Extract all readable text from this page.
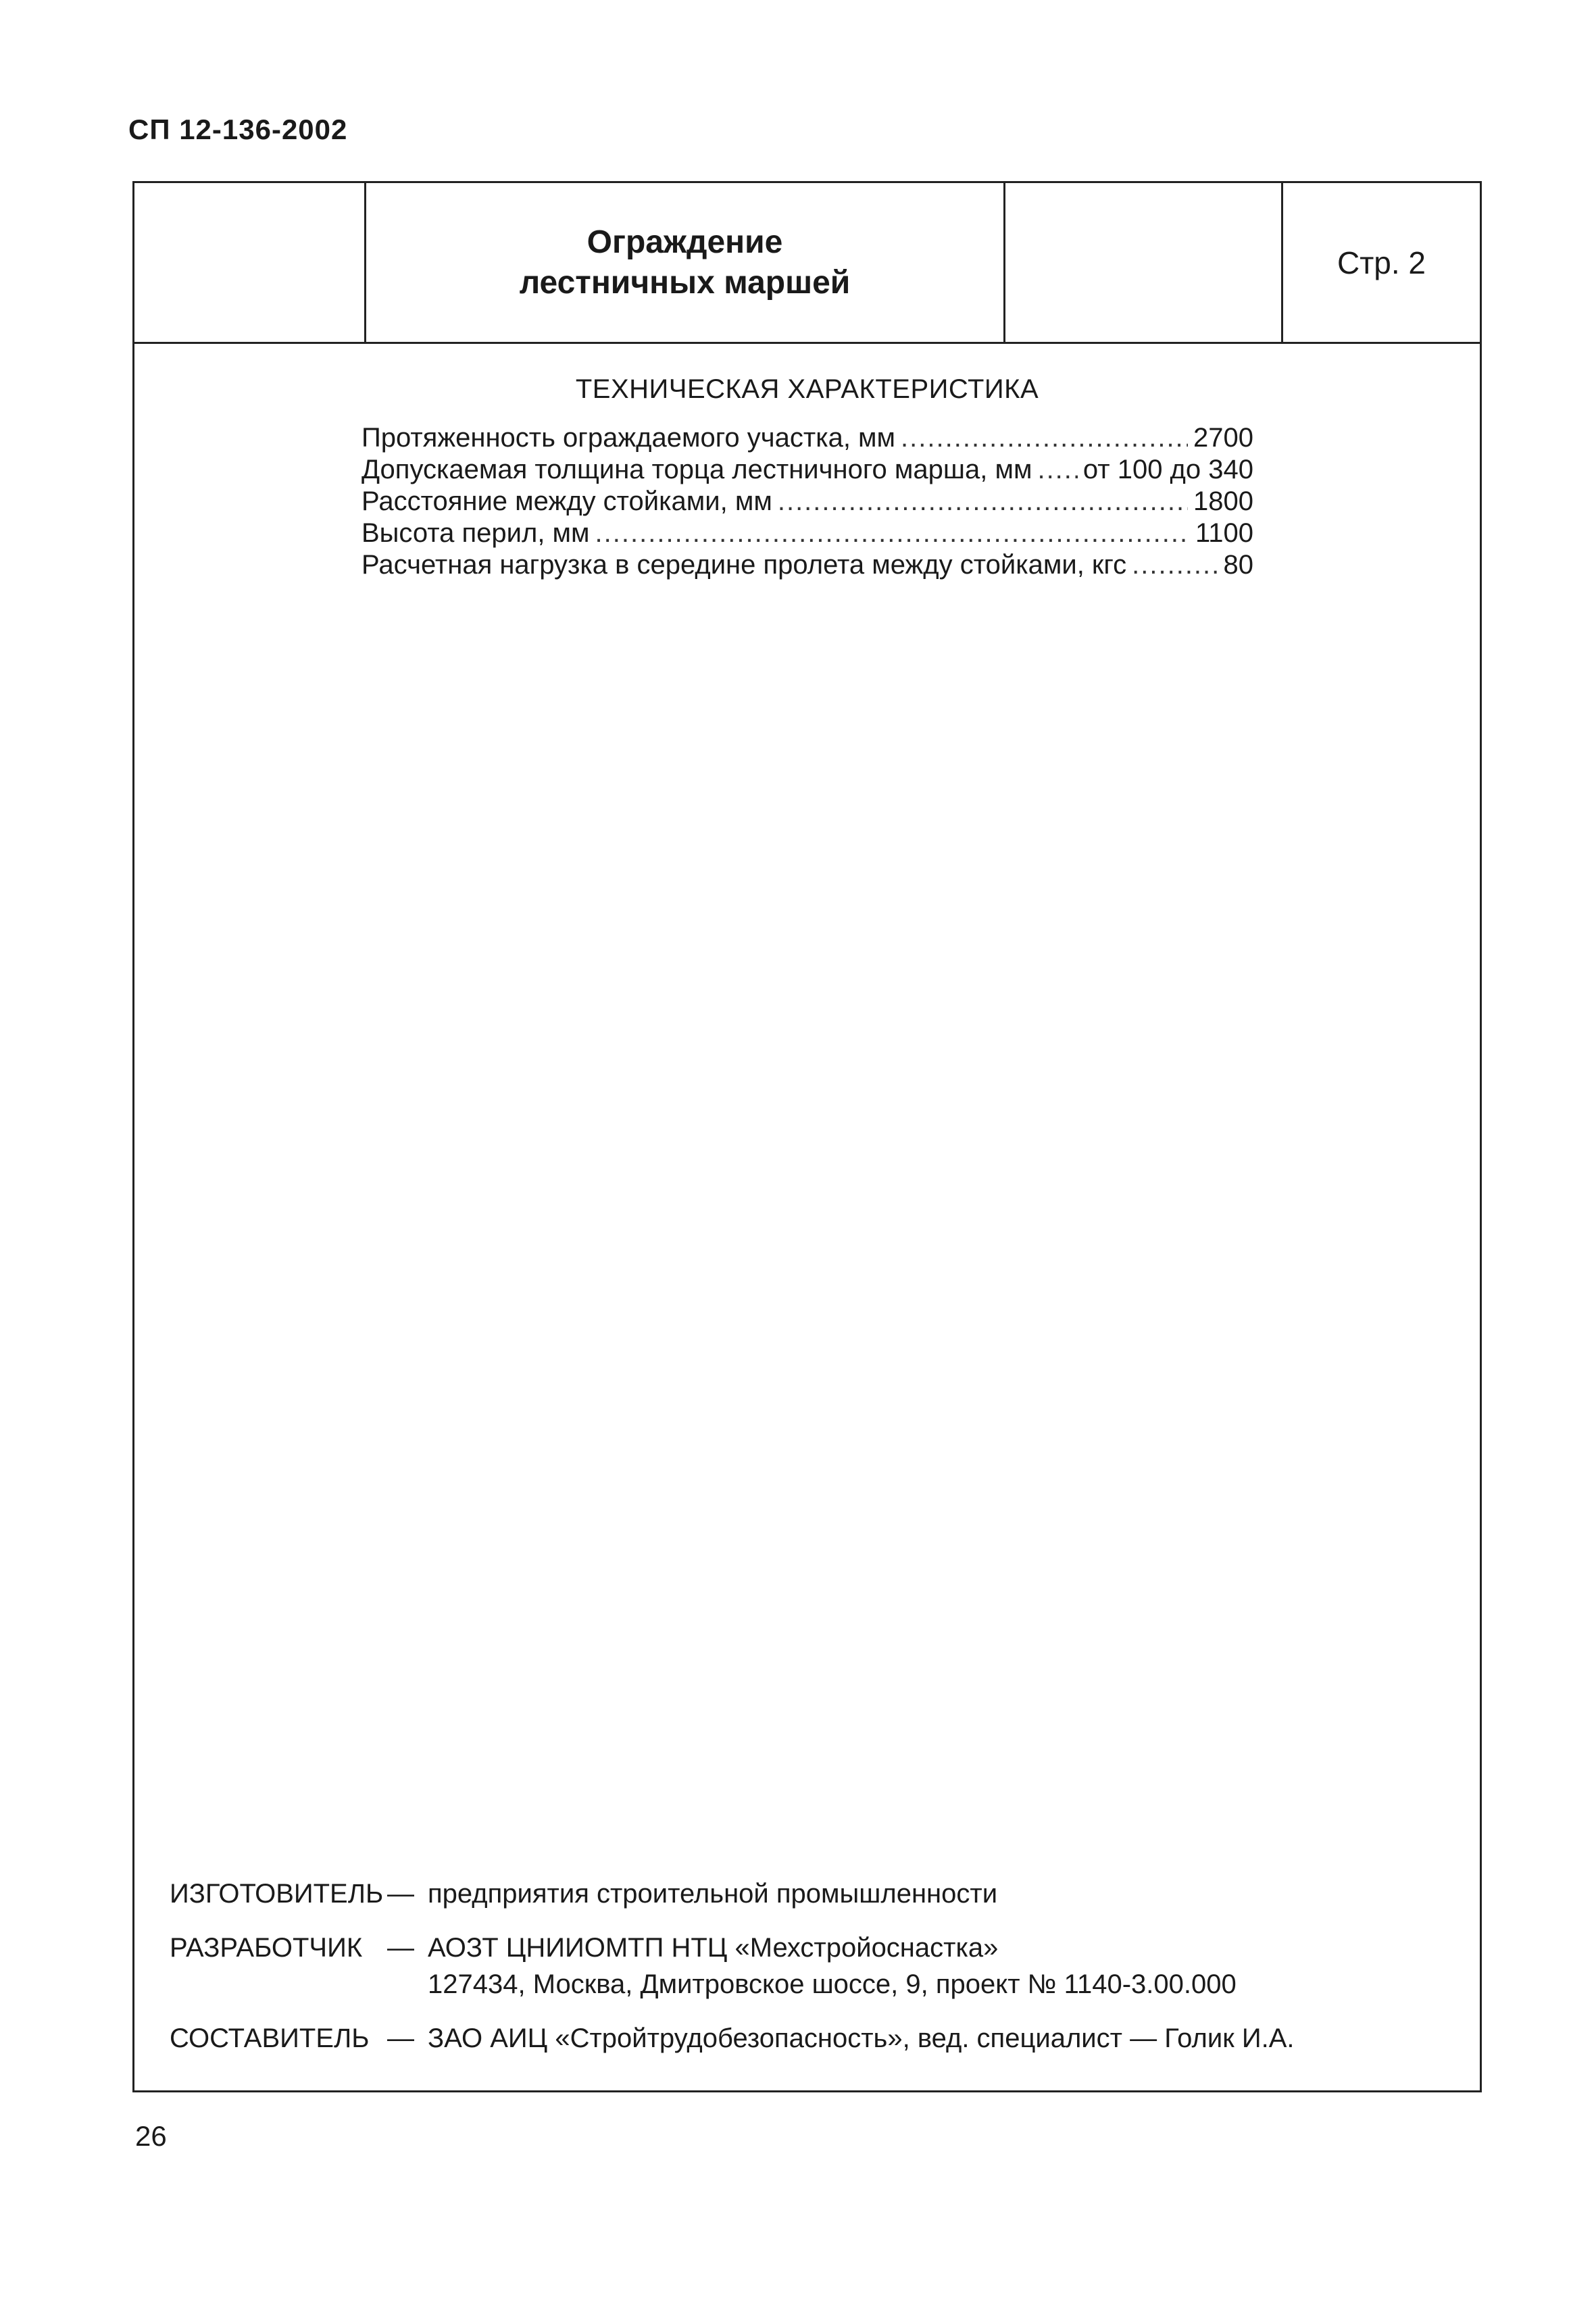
СП 12-136-2002
Ограждение
лестничных маршей
Стр. 2
ТЕХНИЧЕСКАЯ ХАРАКТЕРИСТИКА
Протяженность ограждаемого участка, мм .....	2700
Допускаемая толщина торца лестничного марша, мм ..... от 100 до 340
Расстояние между стойками, мм .....	1800
Высота перил, мм .....	1100
Расчетная нагрузка в середине пролета между стойками, кгс .....	80
ИЗГОТОВИТЕЛЬ — предприятия строительной промышленности
РАЗРАБОТЧИК — АОЗТ ЦНИИОМТП НТЦ «Мехстройоснастка»
127434, Москва, Дмитровское шоссе, 9, проект № 1140-3.00.000
СОСТАВИТЕЛЬ — ЗАО АИЦ «Стройтрудобезопасность», вед. специалист — Голик И.А.
26
